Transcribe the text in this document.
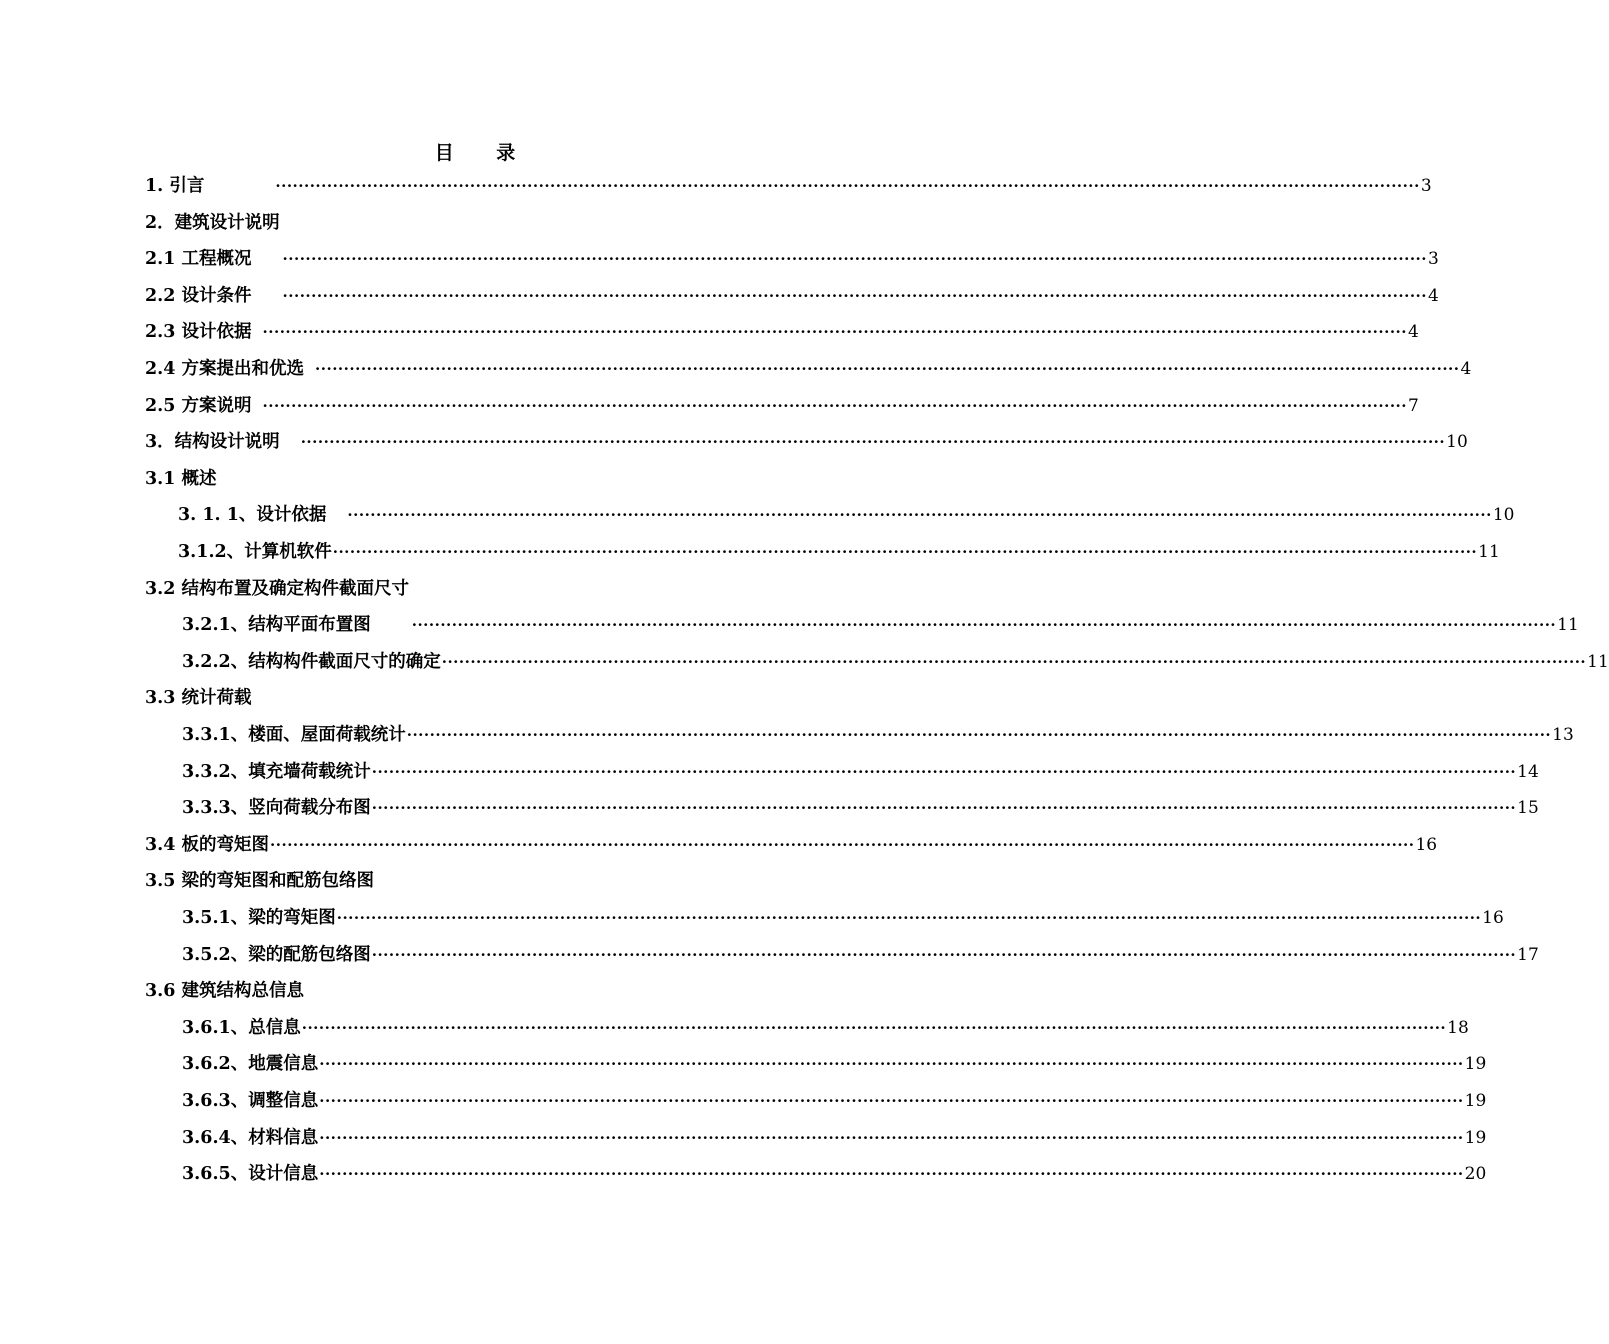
目 录
1. 引言	········································································································································································································ 3
2．建筑设计说明
2.1 工程概况 ········································································································································································································ 3
2.2 设计条件 ········································································································································································································ 4
2.3 设计依据 ········································································································································································································ 4
2.4 方案提出和优选 ········································································································································································································ 4
2.5 方案说明 ········································································································································································································ 7
3．结构设计说明 ········································································································································································································ 10
3.1 概述
3. 1. 1、设计依据 ········································································································································································································ 10
3.1.2、计算机软件 ········································································································································································································ 11
3.2 结构布置及确定构件截面尺寸
3.2.1、结构平面布置图	········································································································································································································ 11
3.2.2、结构构件截面尺寸的确定 ········································································································································································································ 11
3.3 统计荷载
3.3.1、楼面、屋面荷载统计 ········································································································································································································ 13
3.3.2、填充墙荷载统计 ········································································································································································································ 14
3.3.3、竖向荷载分布图 ········································································································································································································ 15
3.4 板的弯矩图 ········································································································································································································ 16
3.5 梁的弯矩图和配筋包络图
3.5.1、梁的弯矩图 ········································································································································································································ 16
3.5.2、梁的配筋包络图 ········································································································································································································ 17
3.6 建筑结构总信息
3.6.1、总信息 ········································································································································································································ 18
3.6.2、地震信息 ········································································································································································································ 19
3.6.3、调整信息 ········································································································································································································ 19
3.6.4、材料信息 ········································································································································································································ 19
3.6.5、设计信息 ········································································································································································································ 20
